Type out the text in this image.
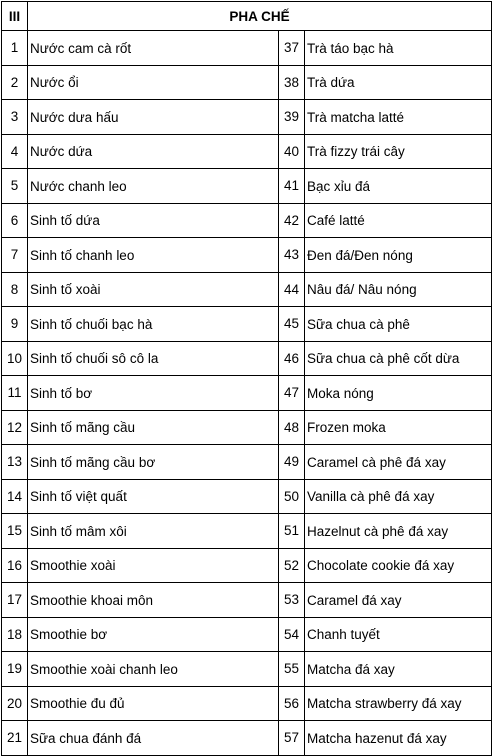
III	PHA CHẾ		
1	Nước cam cà rốt	37	Trà táo bạc hà
2	Nước ổi	38	Trà dứa
3	Nước dưa hấu	39	Trà matcha latté
4	Nước dứa	40	Trà fizzy trái cây
5	Nước chanh leo	41	Bạc xỉu đá
6	Sinh tố dứa	42	Café latté
7	Sinh tố chanh leo	43	Đen đá/Đen nóng
8	Sinh tố xoài	44	Nâu đá/ Nâu nóng
9	Sinh tố chuối bạc hà	45	Sữa chua cà phê
10	Sinh tố chuối sô cô la	46	Sữa chua cà phê cốt dừa
11	Sinh tố bơ	47	Moka nóng
12	Sinh tố mãng cầu	48	Frozen moka
13	Sinh tố mãng cầu bơ	49	Caramel cà phê đá xay
14	Sinh tố việt quất	50	Vanilla cà phê đá xay
15	Sinh tố mâm xôi	51	Hazelnut cà phê đá xay
16	Smoothie xoài	52	Chocolate cookie đá xay
17	Smoothie khoai môn	53	Caramel đá xay
18	Smoothie bơ	54	Chanh tuyết
19	Smoothie xoài chanh leo	55	Matcha đá xay
20	Smoothie đu đủ	56	Matcha strawberry đá xay
21	Sữa chua đánh đá	57	Matcha hazenut đá xay
